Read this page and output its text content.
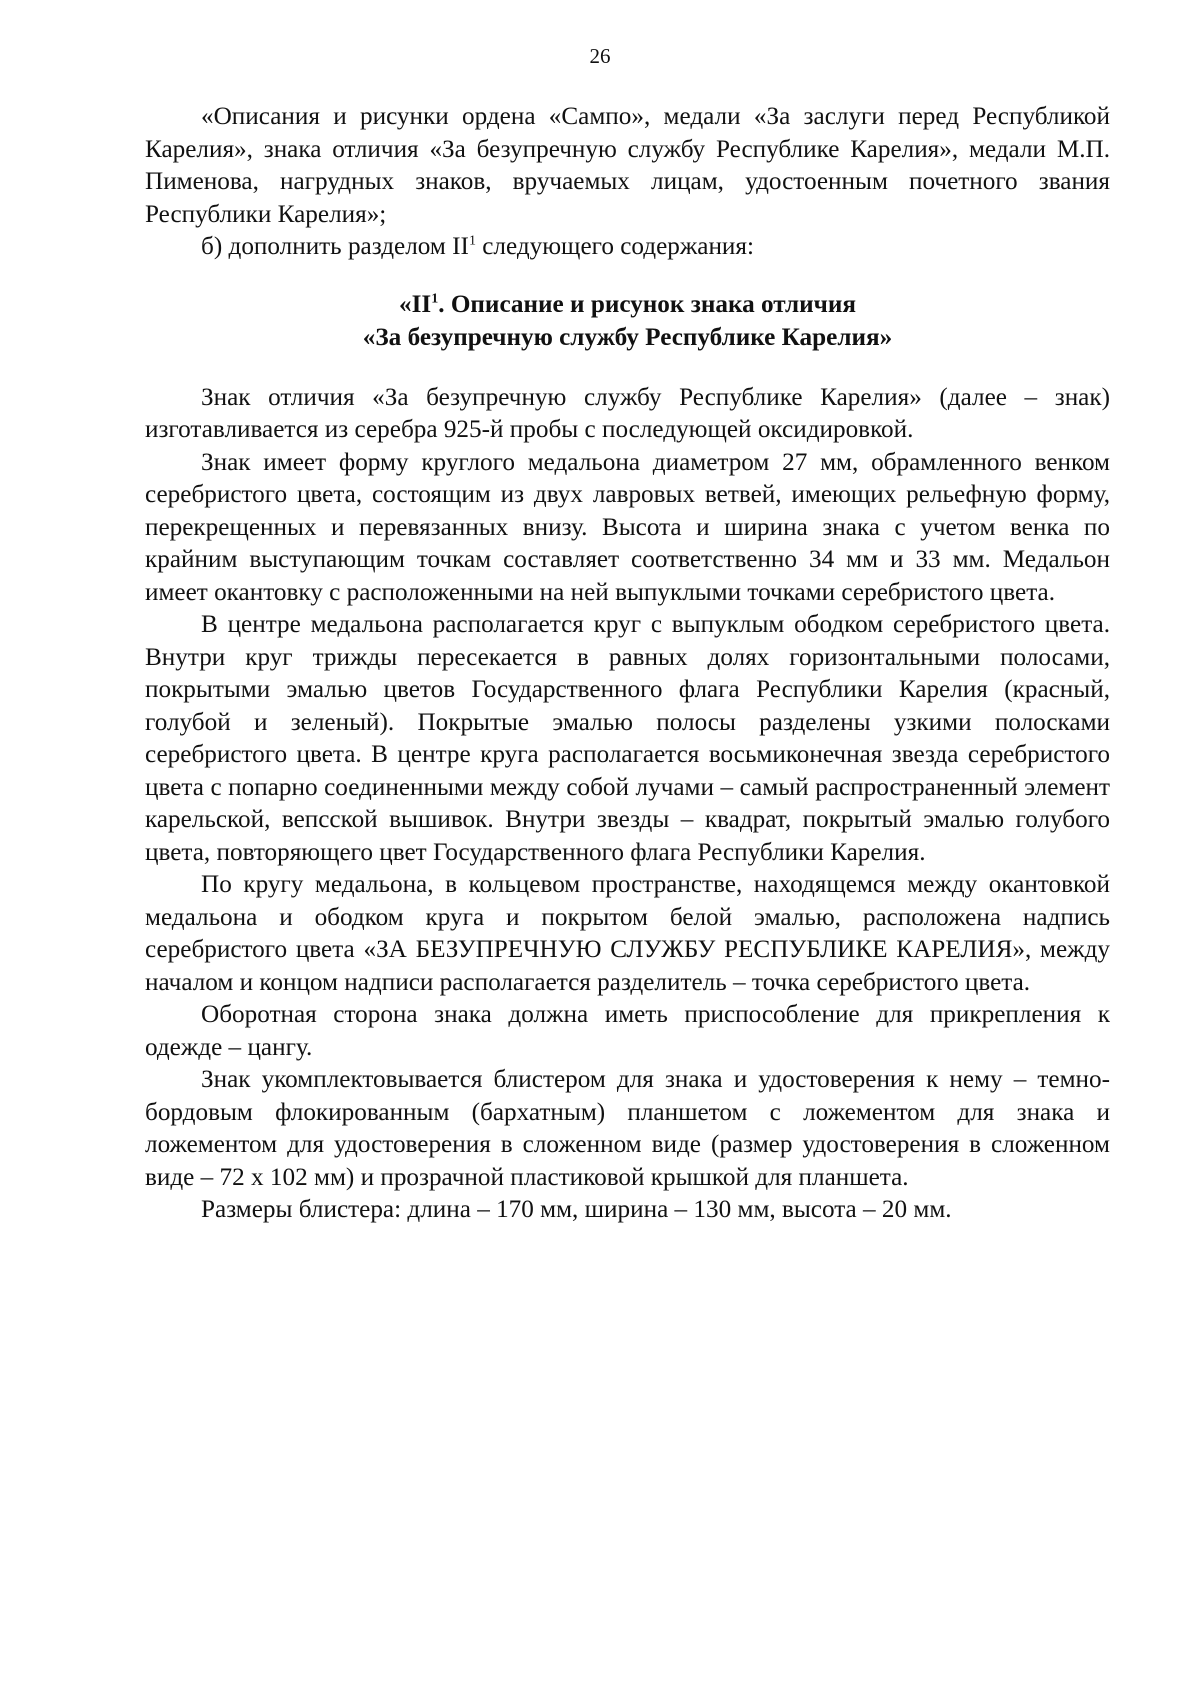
26

«Описания и рисунки ордена «Сампо», медали «За заслуги перед Республикой Карелия», знака отличия «За безупречную службу Республике Карелия», медали М.П. Пименова, нагрудных знаков, вручаемых лицам, удостоенным почетного звания Республики Карелия»;

б) дополнить разделом $II^1$ следующего содержания:

«$II^1$. Описание и рисунок знака отличия

«За безупречную службу Республике Карелия»

Знак отличия «За безупречную службу Республике Карелия» (далее – знак) изготавливается из серебра 925-й пробы с последующей оксидировкой.

Знак имеет форму круглого медальона диаметром 27 мм, обрамленного венком серебристого цвета, состоящим из двух лавровых ветвей, имеющих рельефную форму, перекрещенных и перевязанных внизу. Высота и ширина знака с учетом венка по крайним выступающим точкам составляет соответственно 34 мм и 33 мм. Медальон имеет окантовку с расположенными на ней выпуклыми точками серебристого цвета.

В центре медальона располагается круг с выпуклым ободком серебристого цвета. Внутри круг трижды пересекается в равных долях горизонтальными полосами, покрытыми эмалью цветов Государственного флага Республики Карелия (красный, голубой и зеленый). Покрытые эмалью полосы разделены узкими полосками серебристого цвета. В центре круга располагается восьмиконечная звезда серебристого цвета с попарно соединенными между собой лучами – самый распространенный элемент карельской, вепсской вышивок. Внутри звезды – квадрат, покрытый эмалью голубого цвета, повторяющего цвет Государственного флага Республики Карелия.

По кругу медальона, в кольцевом пространстве, находящемся между окантовкой медальона и ободком круга и покрытом белой эмалью, расположена надпись серебристого цвета «ЗА БЕЗУПРЕЧНУЮ СЛУЖБУ РЕСПУБЛИКЕ КАРЕЛИЯ», между началом и концом надписи располагается разделитель – точка серебристого цвета.

Оборотная сторона знака должна иметь приспособление для прикрепления к одежде – цангу.

Знак укомплектовывается блистером для знака и удостоверения к нему – темно-бордовым флокированным (бархатным) планшетом с ложементом для знака и ложементом для удостоверения в сложенном виде (размер удостоверения в сложенном виде – 72 х 102 мм) и прозрачной пластиковой крышкой для планшета.

Размеры блистера: длина – 170 мм, ширина – 130 мм, высота – 20 мм.
